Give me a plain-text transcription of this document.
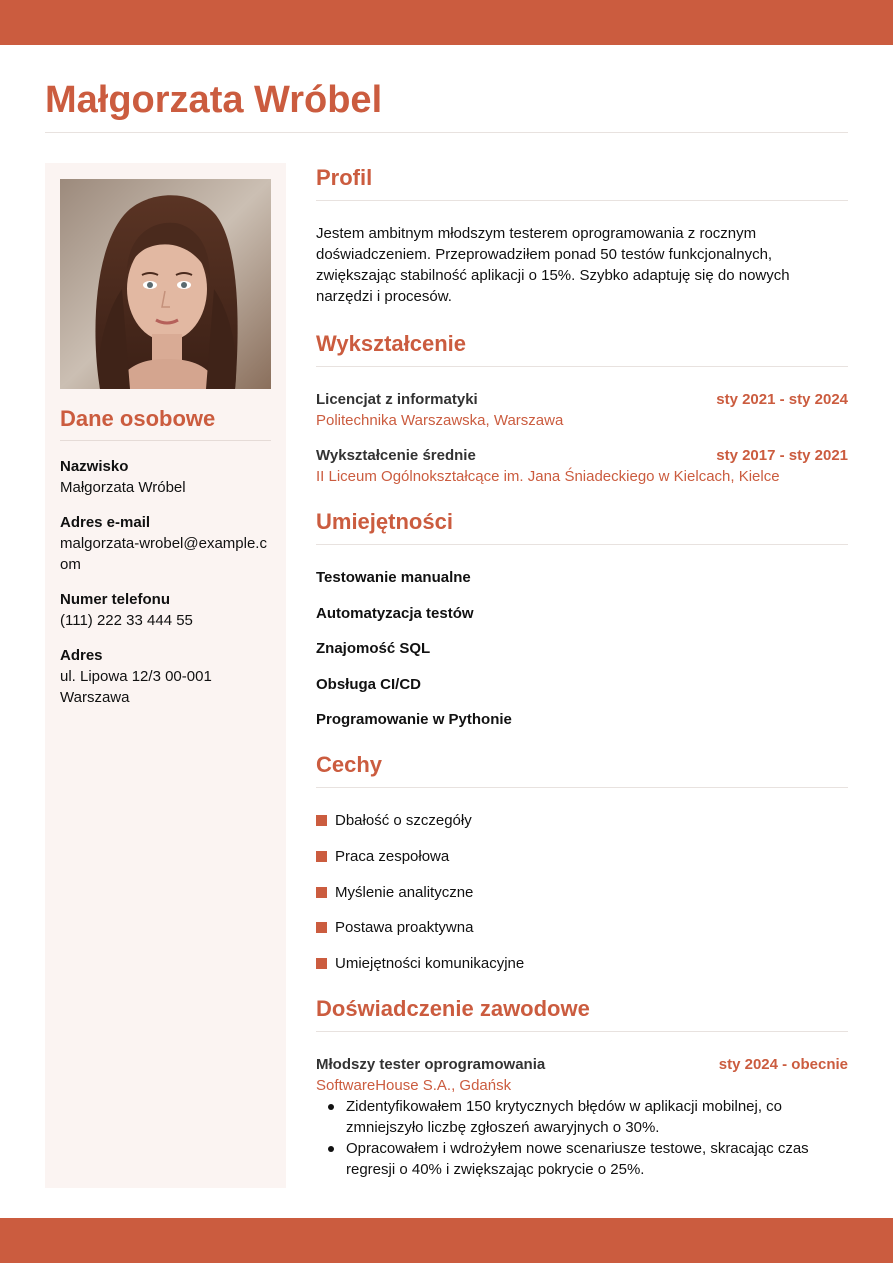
Małgorzata Wróbel
Dane osobowe
Nazwisko
Małgorzata Wróbel
Adres e-mail
malgorzata-wrobel@example.com
Numer telefonu
(111) 222 33 444 55
Adres
ul. Lipowa 12/3 00-001 Warszawa
Profil

Jestem ambitnym młodszym testerem oprogramowania z rocznym doświadczeniem. Przeprowadziłem ponad 50 testów funkcjonalnych, zwiększając stabilność aplikacji o 15%. Szybko adaptuję się do nowych narzędzi i procesów.

Wykształcenie
Licencjat z informatyki	sty 2021 - sty 2024
Politechnika Warszawska, Warszawa
Wykształcenie średnie	sty 2017 - sty 2021
II Liceum Ogólnokształcące im. Jana Śniadeckiego w Kielcach, Kielce
Umiejętności
Testowanie manualne
Automatyzacja testów
Znajomość SQL
Obsługa CI/CD
Programowanie w Pythonie
Cechy
Dbałość o szczegóły
Praca zespołowa
Myślenie analityczne
Postawa proaktywna
Umiejętności komunikacyjne
Doświadczenie zawodowe
Młodszy tester oprogramowania	sty 2024 - obecnie
SoftwareHouse S.A., Gdańsk
Zidentyfikowałem 150 krytycznych błędów w aplikacji mobilnej, co zmniejszyło liczbę zgłoszeń awaryjnych o 30%.
Opracowałem i wdrożyłem nowe scenariusze testowe, skracając czas regresji o 40% i zwiększając pokrycie o 25%.
